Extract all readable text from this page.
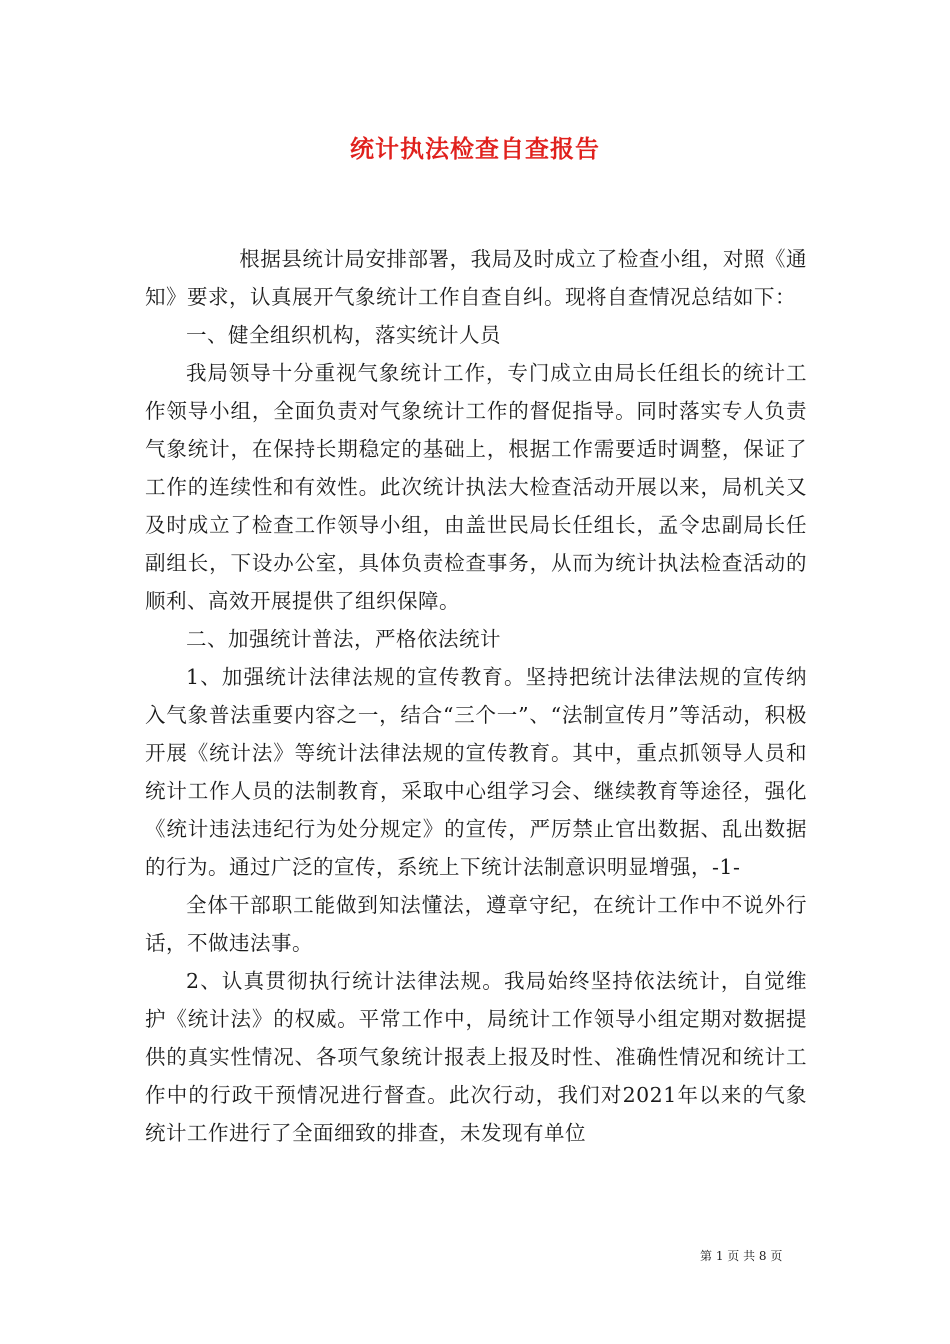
统计执法检查自查报告

根据县统计局安排部署，我局及时成立了检查小组，对照《通知》要求，认真展开气象统计工作自查自纠。现将自查情况总结如下：

一、健全组织机构，落实统计人员

我局领导十分重视气象统计工作，专门成立由局长任组长的统计工作领导小组，全面负责对气象统计工作的督促指导。同时落实专人负责气象统计，在保持长期稳定的基础上，根据工作需要适时调整，保证了工作的连续性和有效性。此次统计执法大检查活动开展以来，局机关又及时成立了检查工作领导小组，由盖世民局长任组长，孟令忠副局长任副组长，下设办公室，具体负责检查事务，从而为统计执法检查活动的顺利、高效开展提供了组织保障。

二、加强统计普法，严格依法统计

1、加强统计法律法规的宣传教育。坚持把统计法律法规的宣传纳入气象普法重要内容之一，结合“三个一”、“法制宣传月”等活动，积极开展《统计法》等统计法律法规的宣传教育。其中，重点抓领导人员和统计工作人员的法制教育，采取中心组学习会、继续教育等途径，强化《统计违法违纪行为处分规定》的宣传，严厉禁止官出数据、乱出数据的行为。通过广泛的宣传，系统上下统计法制意识明显增强，-1-

全体干部职工能做到知法懂法，遵章守纪，在统计工作中不说外行话，不做违法事。

2、认真贯彻执行统计法律法规。我局始终坚持依法统计，自觉维护《统计法》的权威。平常工作中，局统计工作领导小组定期对数据提供的真实性情况、各项气象统计报表上报及时性、准确性情况和统计工作中的行政干预情况进行督查。此次行动，我们对2021年以来的气象统计工作进行了全面细致的排查，未发现有单位

第 1 页 共 8 页
